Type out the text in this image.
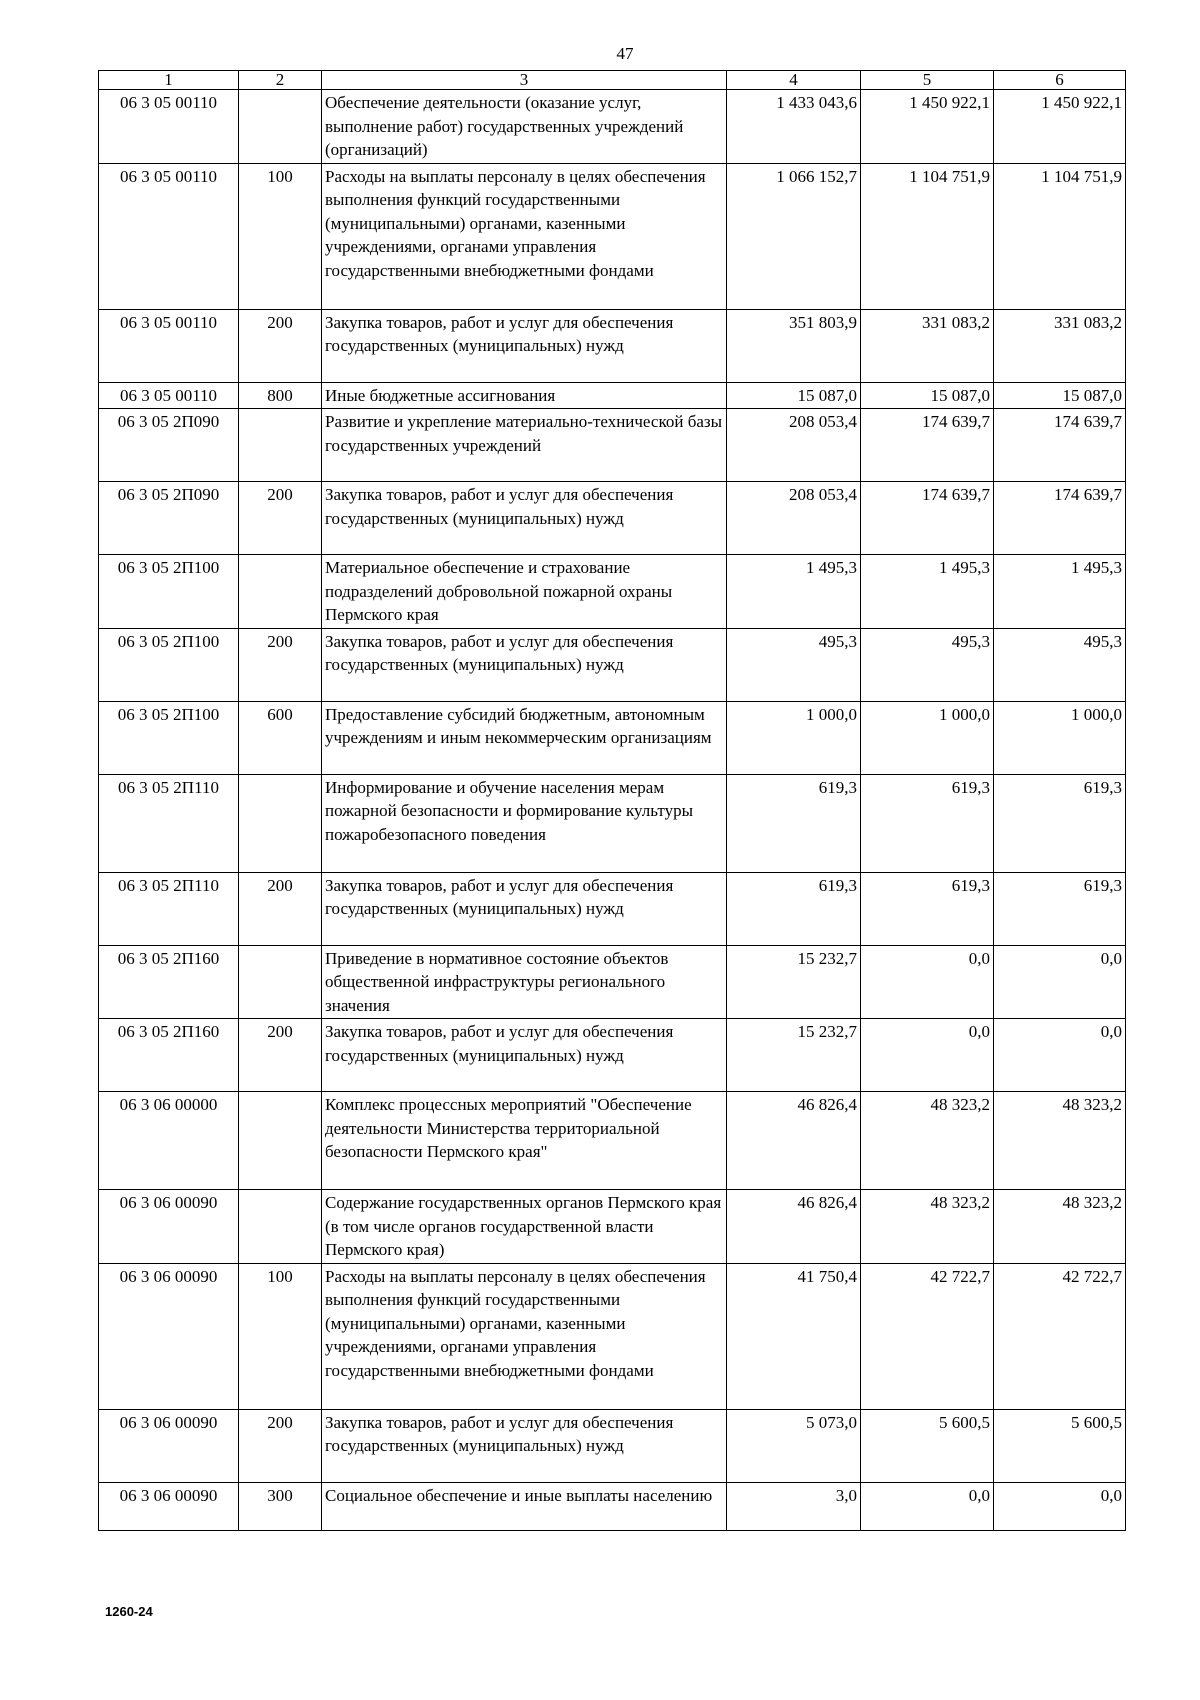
47
1	2	3	4	5	6
06 3 05 00110		Обеспечение деятельности (оказание услуг, выполнение работ) государственных учреждений (организаций)	1 433 043,6	1 450 922,1	1 450 922,1
06 3 05 00110	100	Расходы на выплаты персоналу в целях обеспечения выполнения функций государственными (муниципальными) органами, казенными учреждениями, органами управления государственными внебюджетными фондами	1 066 152,7	1 104 751,9	1 104 751,9
06 3 05 00110	200	Закупка товаров, работ и услуг для обеспечения государственных (муниципальных) нужд	351 803,9	331 083,2	331 083,2
06 3 05 00110	800	Иные бюджетные ассигнования	15 087,0	15 087,0	15 087,0
06 3 05 2П090		Развитие и укрепление материально-технической базы государственных учреждений	208 053,4	174 639,7	174 639,7
06 3 05 2П090	200	Закупка товаров, работ и услуг для обеспечения государственных (муниципальных) нужд	208 053,4	174 639,7	174 639,7
06 3 05 2П100		Материальное обеспечение и страхование подразделений добровольной пожарной охраны Пермского края	1 495,3	1 495,3	1 495,3
06 3 05 2П100	200	Закупка товаров, работ и услуг для обеспечения государственных (муниципальных) нужд	495,3	495,3	495,3
06 3 05 2П100	600	Предоставление субсидий бюджетным, автономным учреждениям и иным некоммерческим организациям	1 000,0	1 000,0	1 000,0
06 3 05 2П110		Информирование и обучение населения мерам пожарной безопасности и формирование культуры пожаробезопасного поведения	619,3	619,3	619,3
06 3 05 2П110	200	Закупка товаров, работ и услуг для обеспечения государственных (муниципальных) нужд	619,3	619,3	619,3
06 3 05 2П160		Приведение в нормативное состояние объектов общественной инфраструктуры регионального значения	15 232,7	0,0	0,0
06 3 05 2П160	200	Закупка товаров, работ и услуг для обеспечения государственных (муниципальных) нужд	15 232,7	0,0	0,0
06 3 06 00000		Комплекс процессных мероприятий "Обеспечение деятельности Министерства территориальной безопасности Пермского края"	46 826,4	48 323,2	48 323,2
06 3 06 00090		Содержание государственных органов Пермского края (в том числе органов государственной власти Пермского края)	46 826,4	48 323,2	48 323,2
06 3 06 00090	100	Расходы на выплаты персоналу в целях обеспечения выполнения функций государственными (муниципальными) органами, казенными учреждениями, органами управления государственными внебюджетными фондами	41 750,4	42 722,7	42 722,7
06 3 06 00090	200	Закупка товаров, работ и услуг для обеспечения государственных (муниципальных) нужд	5 073,0	5 600,5	5 600,5
06 3 06 00090	300	Социальное обеспечение и иные выплаты населению	3,0	0,0	0,0
1260-24
